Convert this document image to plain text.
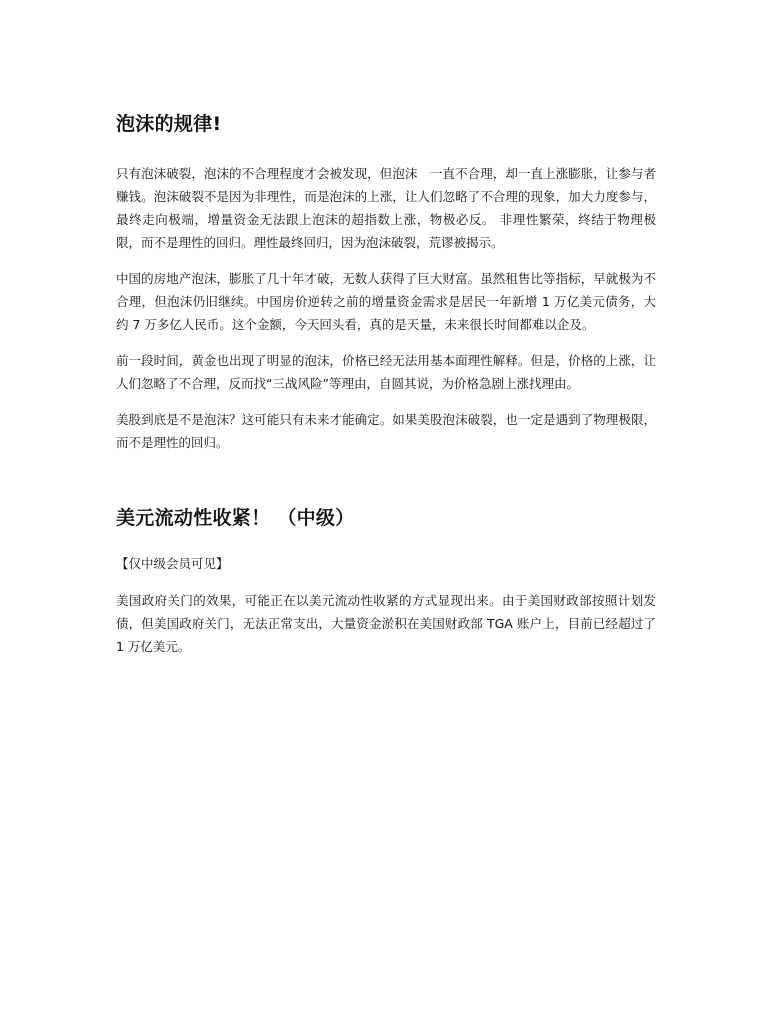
泡沫的规律!

只有泡沫破裂，泡沫的不合理程度才会被发现，但泡沫　一直不合理，却一直上涨膨胀，让参与者赚钱。泡沫破裂不是因为非理性，而是泡沫的上涨，让人们忽略了不合理的现象，加大力度参与，最终走向极端，增量资金无法跟上泡沫的超指数上涨，物极必反。 非理性繁荣，终结于物理极限，而不是理性的回归。理性最终回归，因为泡沫破裂，荒谬被揭示。

中国的房地产泡沫，膨胀了几十年才破，无数人获得了巨大财富。虽然租售比等指标，早就极为不合理，但泡沫仍旧继续。中国房价逆转之前的增量资金需求是居民一年新增 1 万亿美元债务，大约 7 万多亿人民币。这个金额，今天回头看，真的是天量，未来很长时间都难以企及。

前一段时间，黄金也出现了明显的泡沫，价格已经无法用基本面理性解释。但是，价格的上涨，让人们忽略了不合理，反而找“三战风险”等理由，自圆其说，为价格急剧上涨找理由。

美股到底是不是泡沫？这可能只有未来才能确定。如果美股泡沫破裂，也一定是遇到了物理极限，而不是理性的回归。

美元流动性收紧！ （中级）

【仅中级会员可见】

美国政府关门的效果，可能正在以美元流动性收紧的方式显现出来。由于美国财政部按照计划发债，但美国政府关门，无法正常支出，大量资金淤积在美国财政部 TGA 账户上，目前已经超过了 1 万亿美元。
